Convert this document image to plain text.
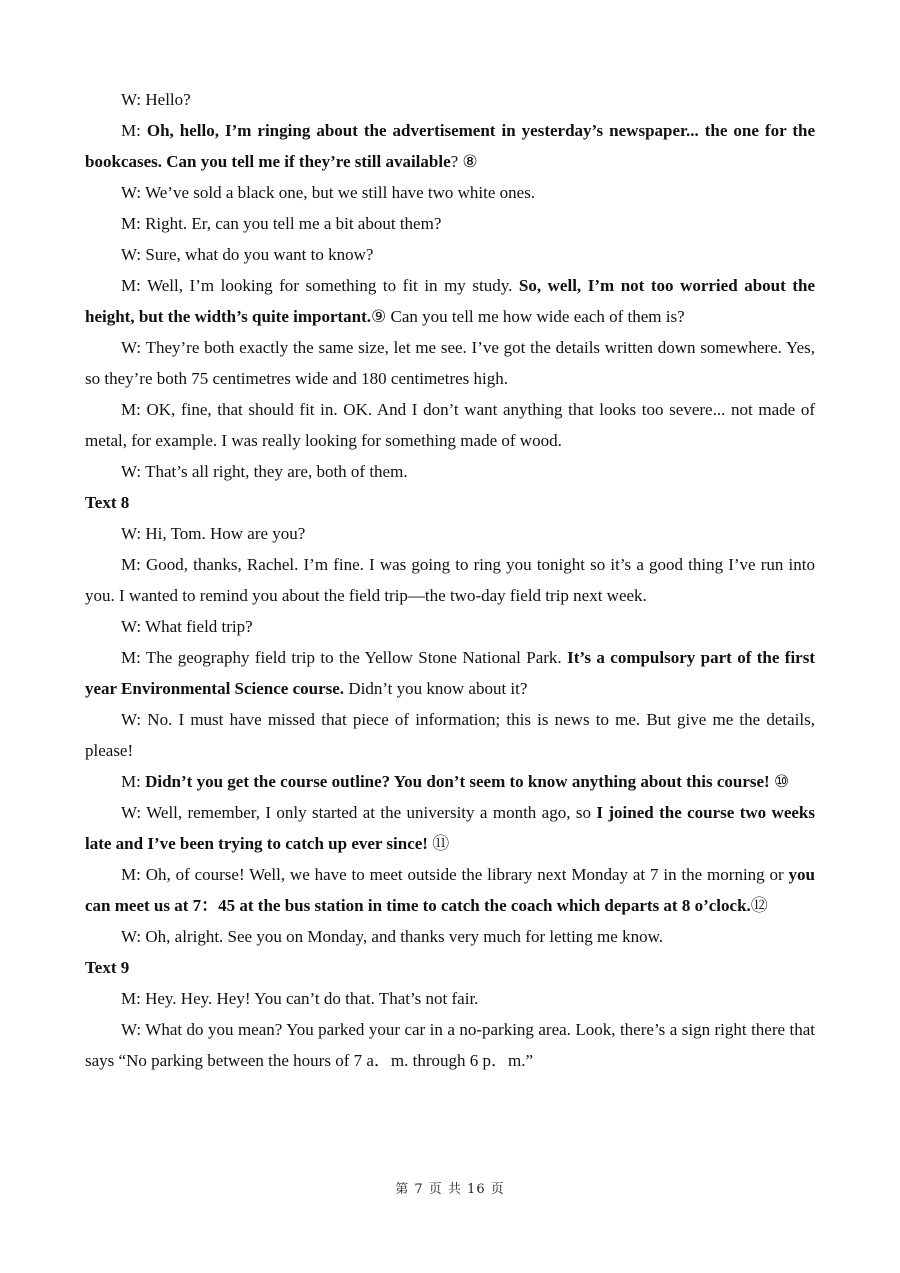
W: Hello?

M: Oh, hello, I’m ringing about the advertisement in yesterday’s newspaper... the one for the bookcases. Can you tell me if they’re still available? ⑧

W: We’ve sold a black one, but we still have two white ones.

M: Right. Er, can you tell me a bit about them?

W: Sure, what do you want to know?

M: Well, I’m looking for something to fit in my study. So, well, I’m not too worried about the height, but the width’s quite important.⑨ Can you tell me how wide each of them is?

W: They’re both exactly the same size, let me see. I’ve got the details written down somewhere. Yes, so they’re both 75 centimetres wide and 180 centimetres high.

M: OK, fine, that should fit in. OK. And I don’t want anything that looks too severe... not made of metal, for example. I was really looking for something made of wood.

W: That’s all right, they are, both of them.

Text 8

W: Hi, Tom. How are you?

M: Good, thanks, Rachel. I’m fine. I was going to ring you tonight so it’s a good thing I’ve run into you. I wanted to remind you about the field trip—the two-day field trip next week.

W: What field trip?

M: The geography field trip to the Yellow Stone National Park. It’s a compulsory part of the first year Environmental Science course. Didn’t you know about it?

W: No. I must have missed that piece of information; this is news to me. But give me the details, please!

M: Didn’t you get the course outline? You don’t seem to know anything about this course! ⑩

W: Well, remember, I only started at the university a month ago, so I joined the course two weeks late and I’ve been trying to catch up ever since! ⑪

M: Oh, of course! Well, we have to meet outside the library next Monday at 7 in the morning or you can meet us at 7：45 at the bus station in time to catch the coach which departs at 8 o’clock.⑫

W: Oh, alright. See you on Monday, and thanks very much for letting me know.

Text 9

M: Hey. Hey. Hey! You can’t do that. That’s not fair.

W: What do you mean? You parked your car in a no-parking area. Look, there’s a sign right there that says “No parking between the hours of 7 a．m. through 6 p．m.”

第 7 页 共 16 页
